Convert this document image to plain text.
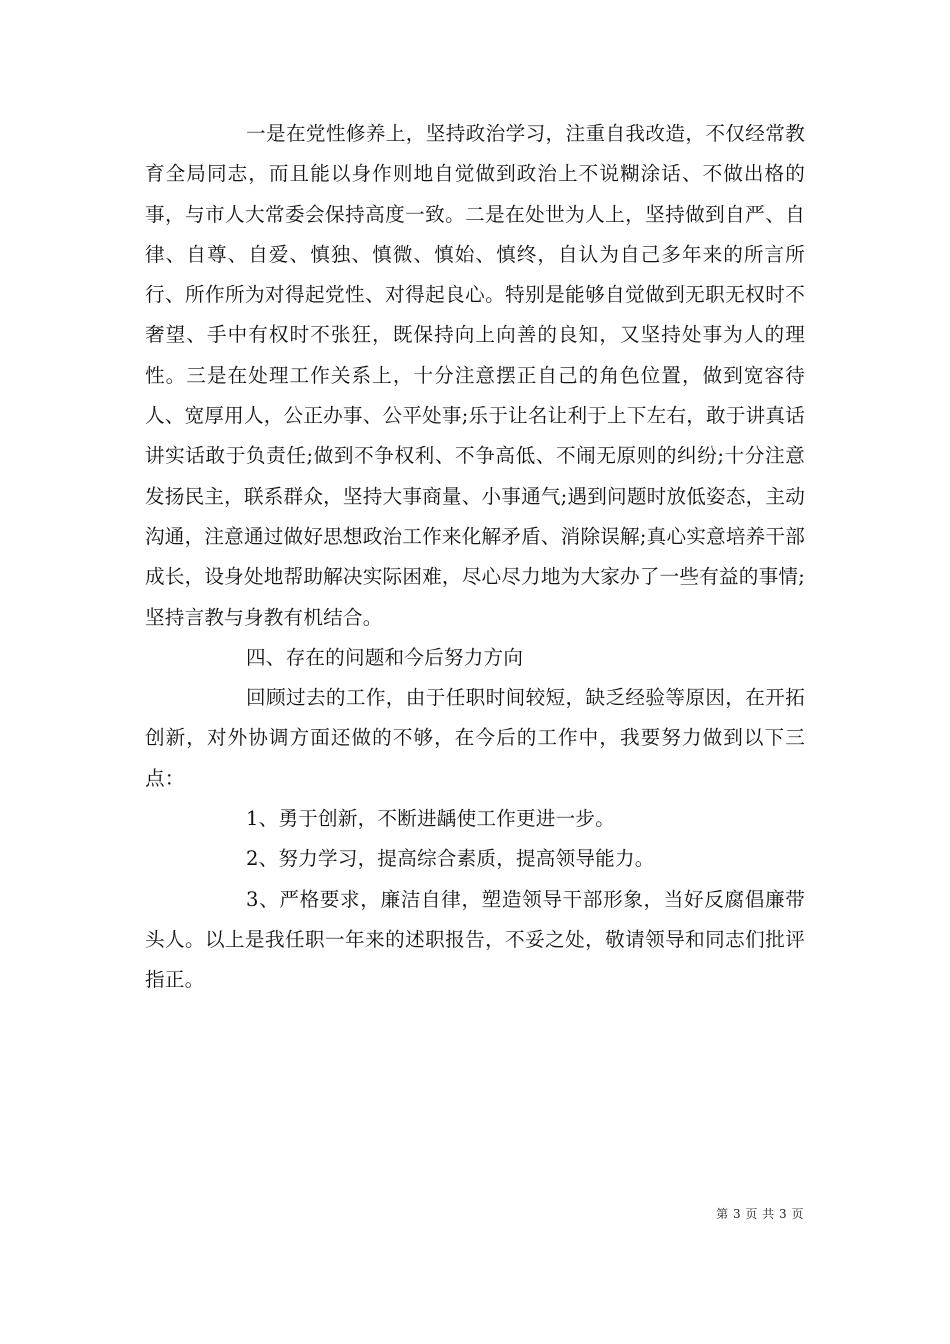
一是在党性修养上，坚持政治学习，注重自我改造，不仅经常教育全局同志，而且能以身作则地自觉做到政治上不说糊涂话、不做出格的事，与市人大常委会保持高度一致。二是在处世为人上，坚持做到自严、自律、自尊、自爱、慎独、慎微、慎始、慎终，自认为自己多年来的所言所行、所作所为对得起党性、对得起良心。特别是能够自觉做到无职无权时不奢望、手中有权时不张狂，既保持向上向善的良知，又坚持处事为人的理性。三是在处理工作关系上，十分注意摆正自己的角色位置，做到宽容待人、宽厚用人，公正办事、公平处事;乐于让名让利于上下左右，敢于讲真话讲实话敢于负责任;做到不争权利、不争高低、不闹无原则的纠纷;十分注意发扬民主，联系群众，坚持大事商量、小事通气;遇到问题时放低姿态，主动沟通，注意通过做好思想政治工作来化解矛盾、消除误解;真心实意培养干部成长，设身处地帮助解决实际困难，尽心尽力地为大家办了一些有益的事情;坚持言教与身教有机结合。

四、存在的问题和今后努力方向

回顾过去的工作，由于任职时间较短，缺乏经验等原因，在开拓创新，对外协调方面还做的不够，在今后的工作中，我要努力做到以下三点：

1、勇于创新，不断进龋使工作更进一步。

2、努力学习，提高综合素质，提高领导能力。

3、严格要求，廉洁自律，塑造领导干部形象，当好反腐倡廉带头人。以上是我任职一年来的述职报告，不妥之处，敬请领导和同志们批评指正。

第 3 页 共 3 页
